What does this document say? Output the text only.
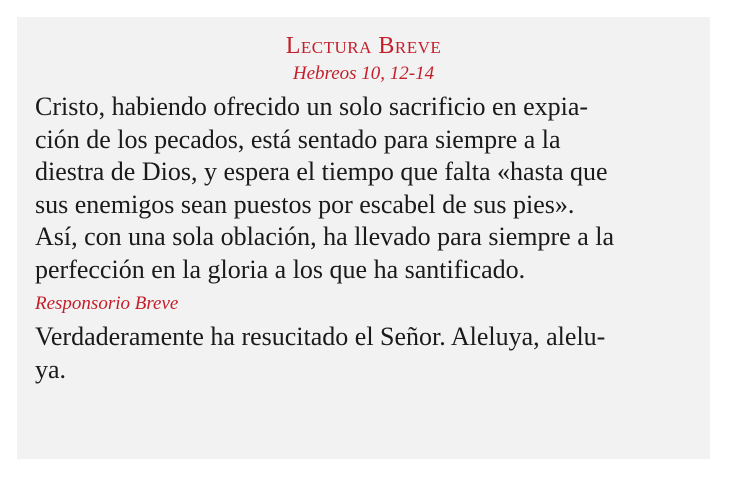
Lectura Breve
Hebreos 10, 12-14
Cristo, habiendo ofrecido un solo sacrificio en expia-
ción de los pecados, está sentado para siempre a la
diestra de Dios, y espera el tiempo que falta «hasta que
sus enemigos sean puestos por escabel de sus pies».
Así, con una sola oblación, ha llevado para siempre a la
perfección en la gloria a los que ha santificado.
Responsorio Breve
Verdaderamente ha resucitado el Señor. Aleluya, alelu-
ya.
